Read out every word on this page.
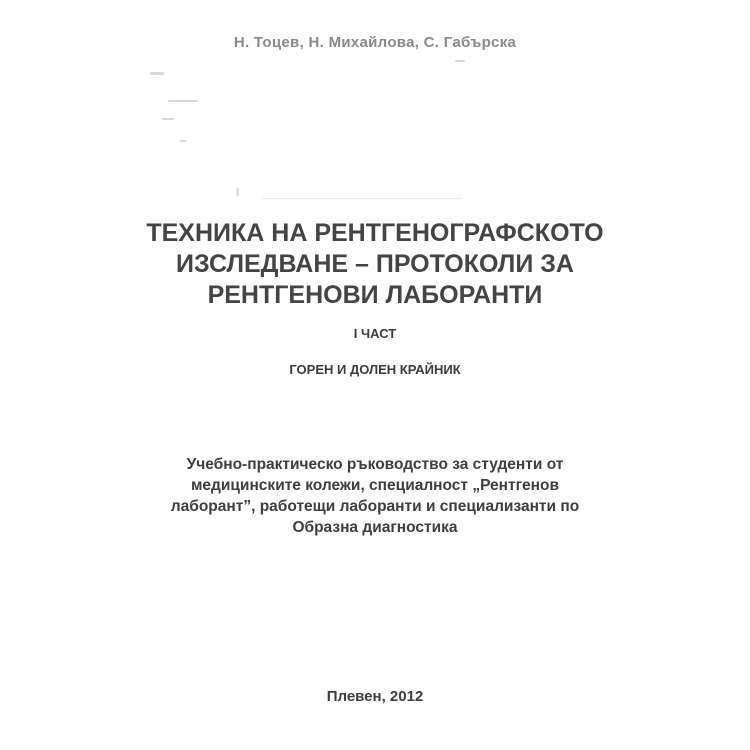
Н. Тоцев, Н. Михайлова, С. Габърска
ТЕХНИКА НА РЕНТГЕНОГРАФСКОТО
ИЗСЛЕДВАНЕ – ПРОТОКОЛИ ЗА
РЕНТГЕНОВИ ЛАБОРАНТИ
I ЧАСТ
ГОРЕН И ДОЛЕН КРАЙНИК
Учебно-практическо ръководство за студенти от
медицинските колежи, специалност „Рентгенов
лаборант”, работещи лаборанти и специализанти по
Образна диагностика
Плевен, 2012
